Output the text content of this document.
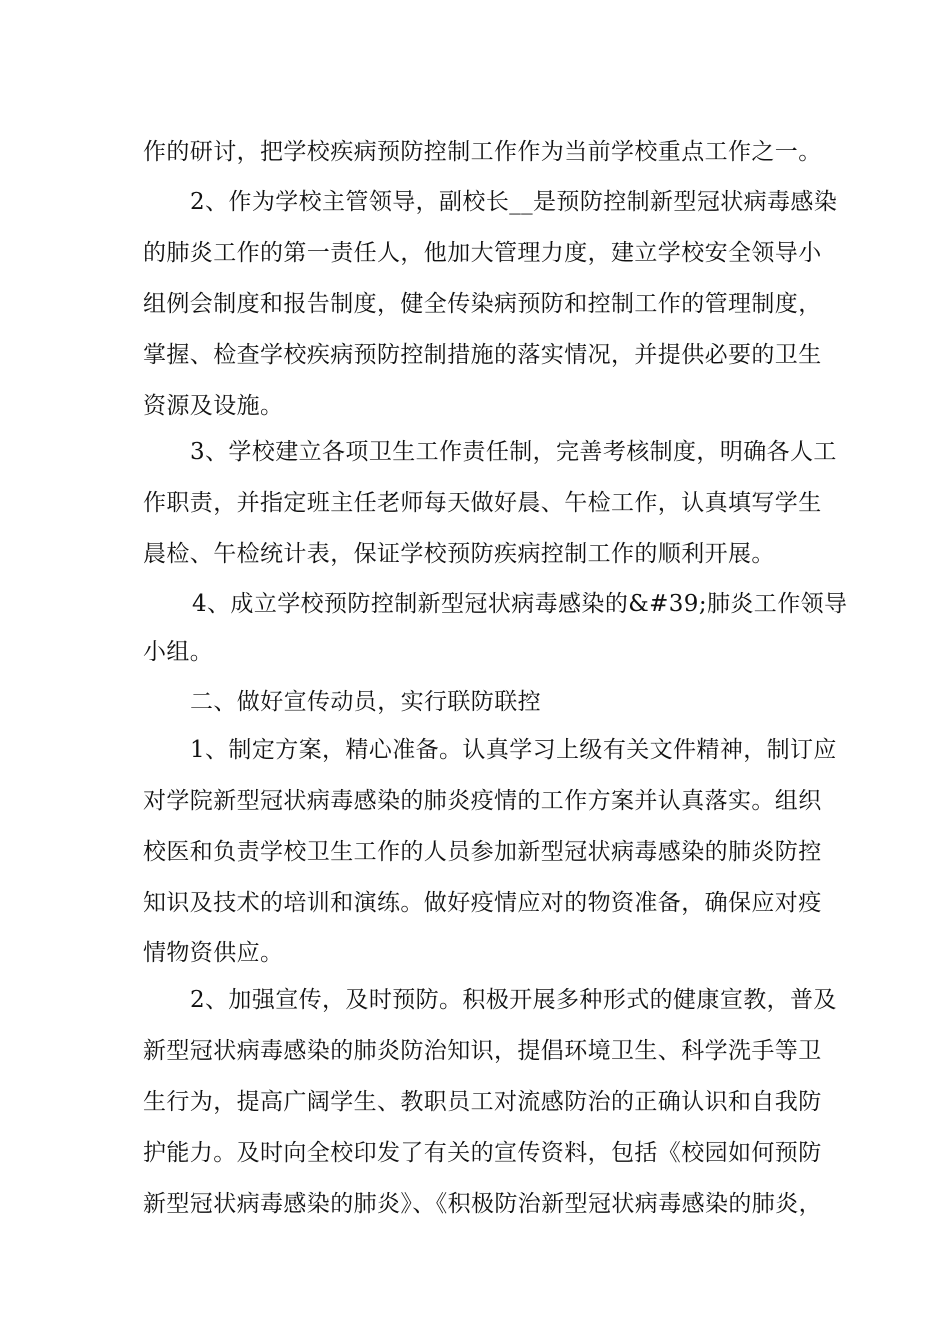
作的研讨，把学校疾病预防控制工作作为当前学校重点工作之一。
2、作为学校主管领导，副校长__是预防控制新型冠状病毒感染
的肺炎工作的第一责任人，他加大管理力度，建立学校安全领导小
组例会制度和报告制度，健全传染病预防和控制工作的管理制度，
掌握、检查学校疾病预防控制措施的落实情况，并提供必要的卫生
资源及设施。
3、学校建立各项卫生工作责任制，完善考核制度，明确各人工
作职责，并指定班主任老师每天做好晨、午检工作，认真填写学生
晨检、午检统计表，保证学校预防疾病控制工作的顺利开展。
4、成立学校预防控制新型冠状病毒感染的&#39;肺炎工作领导
小组。
二、做好宣传动员，实行联防联控
1、制定方案，精心准备。认真学习上级有关文件精神，制订应
对学院新型冠状病毒感染的肺炎疫情的工作方案并认真落实。组织
校医和负责学校卫生工作的人员参加新型冠状病毒感染的肺炎防控
知识及技术的培训和演练。做好疫情应对的物资准备，确保应对疫
情物资供应。
2、加强宣传，及时预防。积极开展多种形式的健康宣教，普及
新型冠状病毒感染的肺炎防治知识，提倡环境卫生、科学洗手等卫
生行为，提高广阔学生、教职员工对流感防治的正确认识和自我防
护能力。及时向全校印发了有关的宣传资料，包括《校园如何预防
新型冠状病毒感染的肺炎》、《积极防治新型冠状病毒感染的肺炎，
